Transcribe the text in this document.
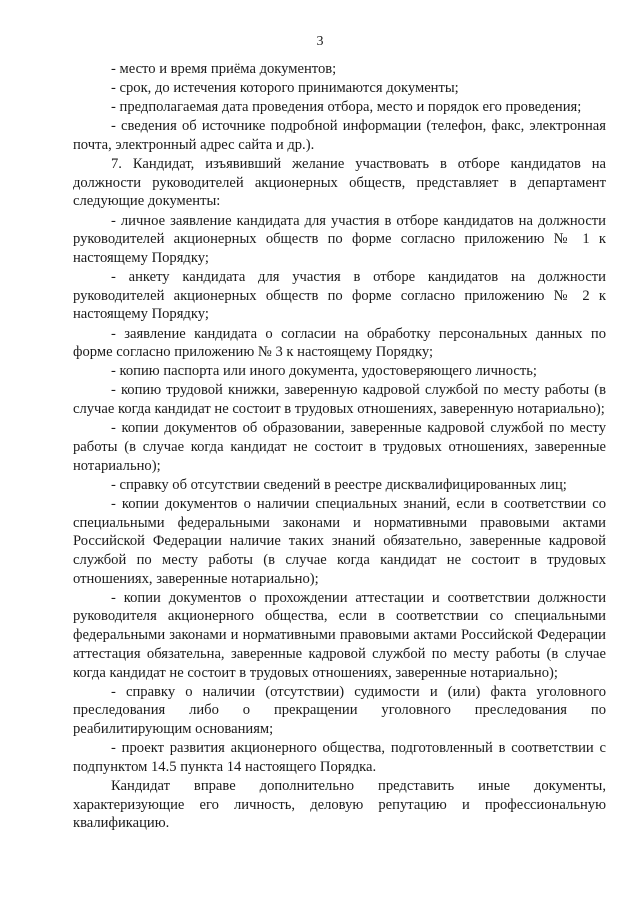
3

- место и время приёма документов;

- срок, до истечения которого принимаются документы;

- предполагаемая дата проведения отбора, место и порядок его проведения;

- сведения об источнике подробной информации (телефон, факс, электронная почта, электронный адрес сайта и др.).

7. Кандидат, изъявивший желание участвовать в отборе кандидатов на должности руководителей акционерных обществ, представляет в департамент следующие документы:

- личное заявление кандидата для участия в отборе кандидатов на должности руководителей акционерных обществ по форме согласно приложению № 1 к настоящему Порядку;

- анкету кандидата для участия в отборе кандидатов на должности руководителей акционерных обществ по форме согласно приложению № 2 к настоящему Порядку;

- заявление кандидата о согласии на обработку персональных данных по форме согласно приложению № 3 к настоящему Порядку;

- копию паспорта или иного документа, удостоверяющего личность;

- копию трудовой книжки, заверенную кадровой службой по месту работы (в случае когда кандидат не состоит в трудовых отношениях, заверенную нотариально);

- копии документов об образовании, заверенные кадровой службой по месту работы (в случае когда кандидат не состоит в трудовых отношениях, заверенные нотариально);

- справку об отсутствии сведений в реестре дисквалифицированных лиц;

- копии документов о наличии специальных знаний, если в соответствии со специальными федеральными законами и нормативными правовыми актами Российской Федерации наличие таких знаний обязательно, заверенные кадровой службой по месту работы (в случае когда кандидат не состоит в трудовых отношениях, заверенные нотариально);

- копии документов о прохождении аттестации и соответствии должности руководителя акционерного общества, если в соответствии со специальными федеральными законами и нормативными правовыми актами Российской Федерации аттестация обязательна, заверенные кадровой службой по месту работы (в случае когда кандидат не состоит в трудовых отношениях, заверенные нотариально);

- справку о наличии (отсутствии) судимости и (или) факта уголовного преследования либо о прекращении уголовного преследования по реабилитирующим основаниям;

- проект развития акционерного общества, подготовленный в соответствии с подпунктом 14.5 пункта 14 настоящего Порядка.

Кандидат вправе дополнительно представить иные документы, характеризующие его личность, деловую репутацию и профессиональную квалификацию.
